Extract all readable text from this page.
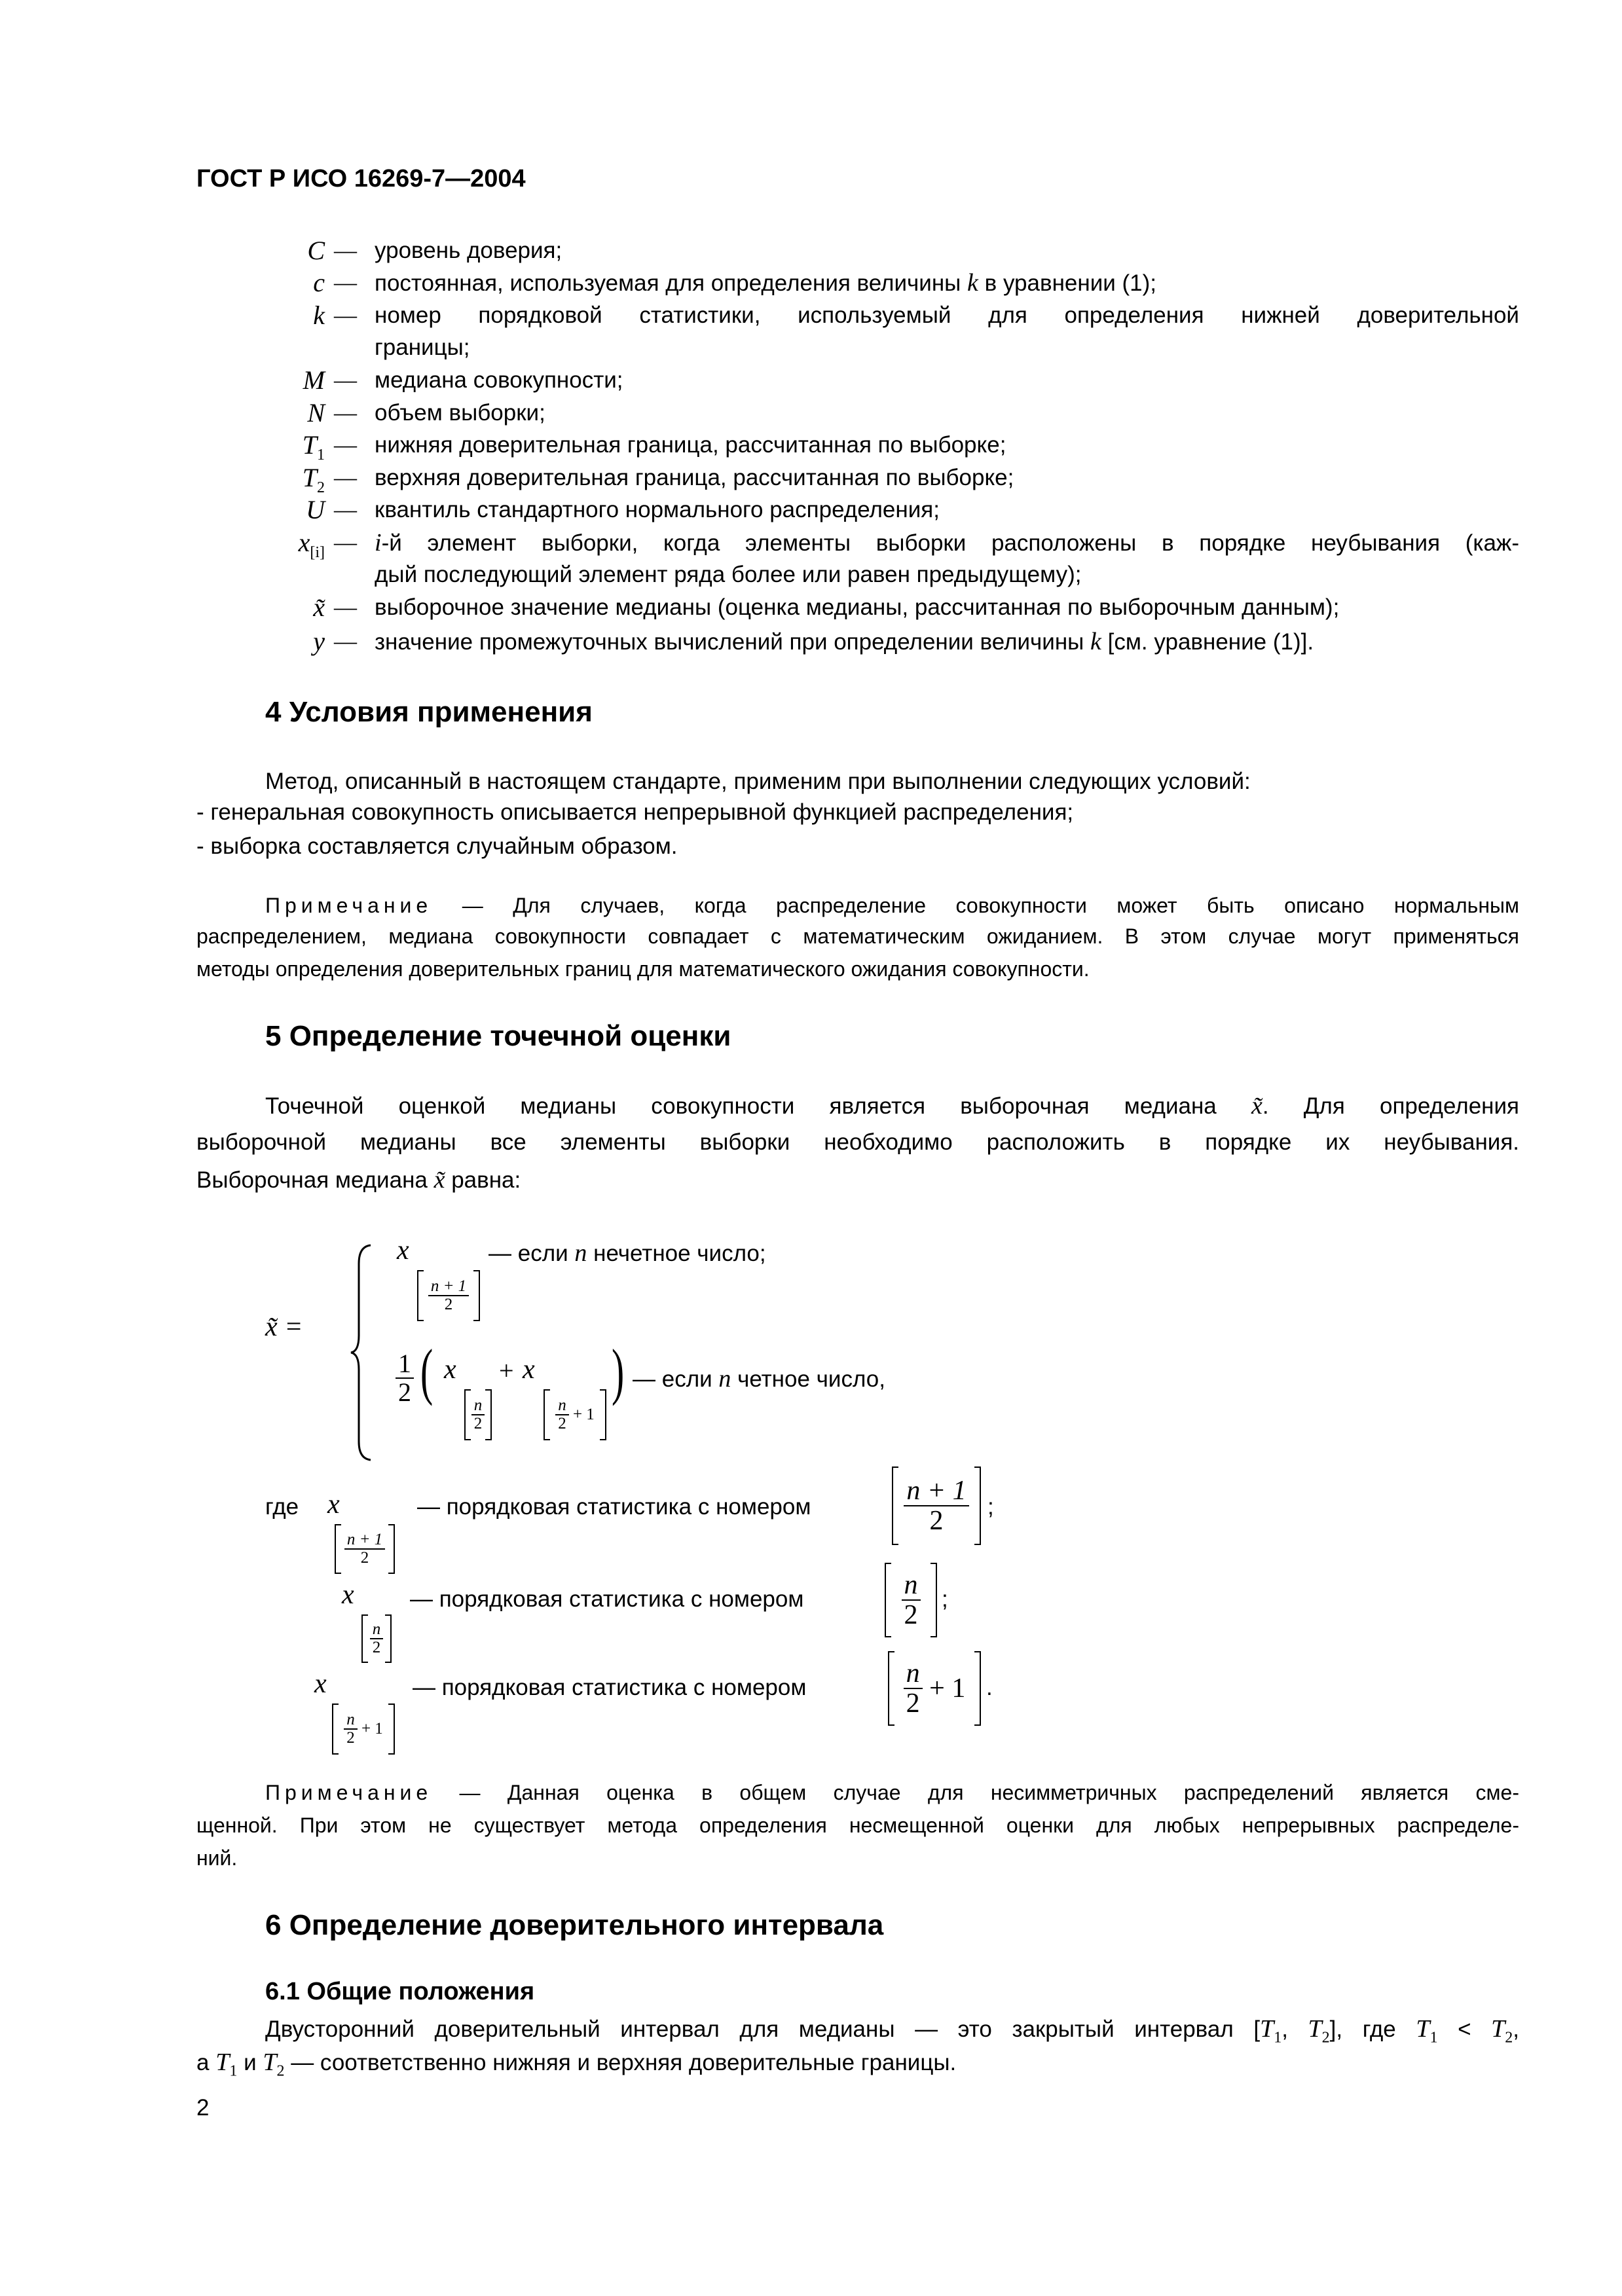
ГОСТ Р ИСО 16269-7—2004
C — уровень доверия;
c — постоянная, используемая для определения величины k в уравнении (1);
k — номер порядковой статистики, используемый для определения нижней доверительной
границы;
M — медиана совокупности;
N — объем выборки;
$T_1$ — нижняя доверительная граница, рассчитанная по выборке;
$T_2$ — верхняя доверительная граница, рассчитанная по выборке;
U — квантиль стандартного нормального распределения;
$x_{[i]}$ — i-й элемент выборки, когда элементы выборки расположены в порядке неубывания (каж-
дый последующий элемент ряда более или равен предыдущему);
x̃ — выборочное значение медианы (оценка медианы, рассчитанная по выборочным данным);
y — значение промежуточных вычислений при определении величины k [см. уравнение (1)].
4 Условия применения
Метод, описанный в настоящем стандарте, применим при выполнении следующих условий:
- генеральная совокупность описывается непрерывной функцией распределения;
- выборка составляется случайным образом.
Примечание — Для случаев, когда распределение совокупности может быть описано нормальным
распределением, медиана совокупности совпадает с математическим ожиданием. В этом случае могут применяться
методы определения доверительных границ для математического ожидания совокупности.
5 Определение точечной оценки
Точечной оценкой медианы совокупности является выборочная медиана x̃. Для определения
выборочной медианы все элементы выборки необходимо расположить в порядке их неубывания.
Выборочная медиана x̃ равна:
x̃ =
x
$\frac{n + 1}{2}$
— если n нечетное число;
$\frac{1}{2}$ ( x
$\frac{n}{2}$
+ x
$\frac{n}{2}$
+ 1
) — если n четное число,
где x
$\frac{n + 1}{2}$
— порядковая статистика с номером	$\frac{n + 1}{2}$ ;
x
$\frac{n}{2}$
— порядковая статистика с номером	$\frac{n}{2}$ ;
x
$\frac{n}{2}$
+ 1
— порядковая статистика с номером	$\frac{n}{2}$
+ 1 .
Примечание — Данная оценка в общем случае для несимметричных распределений является сме-
щенной. При этом не существует метода определения несмещенной оценки для любых непрерывных распределе-
ний.
6 Определение доверительного интервала
6.1 Общие положения
Двусторонний доверительный интервал для медианы — это закрытый интервал [$T_1$, $T_2$], где $T_1 < T_2$,
а $T_1$ и $T_2$ — соответственно нижняя и верхняя доверительные границы.
2
